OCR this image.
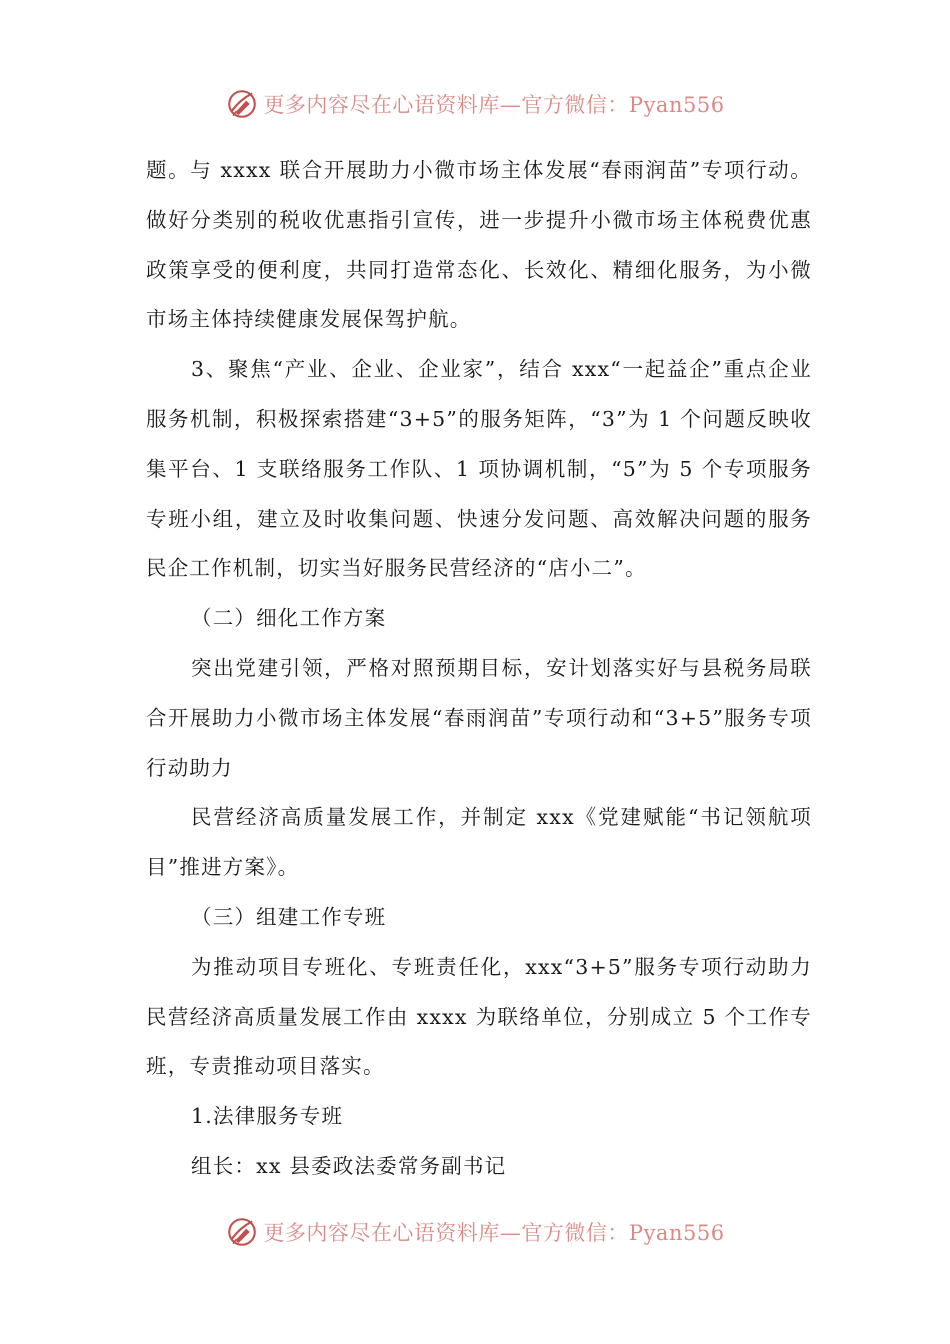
更多内容尽在心语资料库—官方微信：Pyan556

题。与 xxxx 联合开展助力小微市场主体发展“春雨润苗”专项行动。做好分类别的税收优惠指引宣传，进一步提升小微市场主体税费优惠政策享受的便利度，共同打造常态化、长效化、精细化服务，为小微市场主体持续健康发展保驾护航。

3、聚焦“产业、企业、企业家”，结合 xxx“一起益企”重点企业服务机制，积极探索搭建“3+5”的服务矩阵，“3”为 1 个问题反映收集平台、1 支联络服务工作队、1 项协调机制，“5”为 5 个专项服务专班小组，建立及时收集问题、快速分发问题、高效解决问题的服务民企工作机制，切实当好服务民营经济的“店小二”。

（二）细化工作方案

突出党建引领，严格对照预期目标，安计划落实好与县税务局联合开展助力小微市场主体发展“春雨润苗”专项行动和“3+5”服务专项行动助力

民营经济高质量发展工作，并制定 xxx《党建赋能“书记领航项目”推进方案》。

（三）组建工作专班

为推动项目专班化、专班责任化，xxx“3+5”服务专项行动助力民营经济高质量发展工作由 xxxx 为联络单位，分别成立 5 个工作专班，专责推动项目落实。

1.法律服务专班

组长：xx 县委政法委常务副书记

更多内容尽在心语资料库—官方微信：Pyan556
